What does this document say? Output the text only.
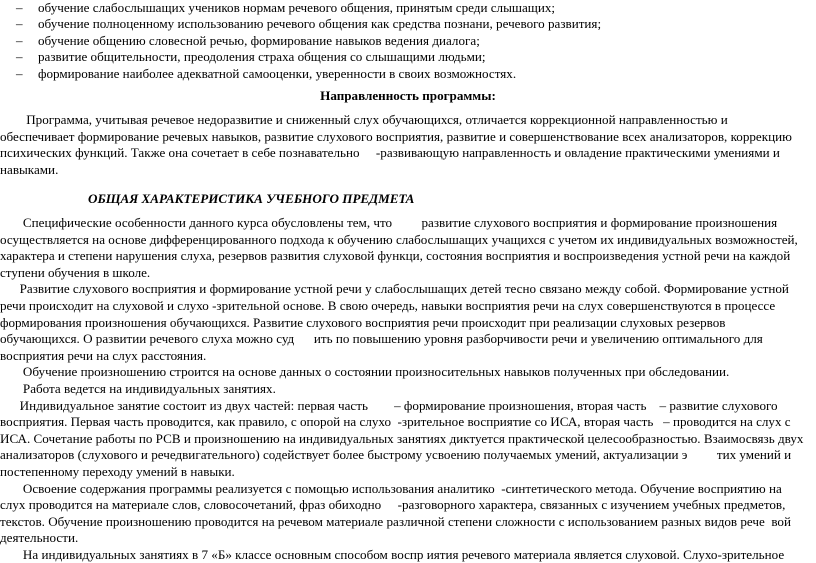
– обучение слабослышащих учеников нормам речевого общения, принятым среди слышащих;
– обучение полноценному использованию речевого общения как средства познани, речевого развития;
– обучение общению словесной речью, формирование навыков ведения диалога;
– развитие общительности, преодоления страха общения со слышащими людьми;
– формирование наиболее адекватной самооценки, уверенности в своих возможностях.
Направленность программы:
Программа, учитывая речевое недоразвитие и сниженный слух обучающихся, отличается коррекционной направленностью и
обеспечивает формирование речевых навыков, развитие слухового восприятия, развитие и совершенствование всех анализаторов, коррекцию
психических функций. Также она сочетает в себе познавательно     -развивающую направленность и овладение практическими умениями и
навыками.
ОБЩАЯ ХАРАКТЕРИСТИКА УЧЕБНОГО ПРЕДМЕТА
Специфические особенности данного курса обусловлены тем, что         развитие слухового восприятия и формирование произношения
осуществляется на основе дифференцированного подхода к обучению слабослышащих учащихся с учетом их индивидуальных возможностей,
характера и степени нарушения слуха, резервов развития слуховой функци, состояния восприятия и воспроизведения устной речи на каждой
ступени обучения в школе.
Развитие слухового восприятия и формирование устной речи у слабослышащих детей тесно связано между собой. Формирование устной
речи происходит на слуховой и слухо -зрительной основе. В свою очередь, навыки восприятия речи на слух совершенствуются в процессе
формирования произношения обучающихся. Развитие слухового восприятия речи происходит при реализации слуховых резервов
обучающихся. О развитии речевого слуха можно суд      ить по повышению уровня разборчивости речи и увеличению оптимального для
восприятия речи на слух расстояния.
Обучение произношению строится на основе данных о состоянии произносительных навыков полученных при обследовании.
Работа ведется на индивидуальных занятиях.
Индивидуальное занятие состоит из двух частей: первая часть        – формирование произношения, вторая часть    – развитие слухового
восприятия. Первая часть проводится, как правило, с опорой на слухо  -зрительное восприятие со ИСА, вторая часть   – проводится на слух с
ИСА. Сочетание работы по РСВ и произношению на индивидуальных занятиях диктуется практической целесообразностью. Взаимосвязь двух
анализаторов (слухового и речедвигательного) содействует более быстрому усвоению получаемых умений, актуализации э         тих умений и
постепенному переходу умений в навыки.
Освоение содержания программы реализуется с помощью использования аналитико  -синтетического метода. Обучение восприятию на
слух проводится на материале слов, словосочетаний, фраз обиходно     -разговорного характера, связанных с изучением учебных предметов,
текстов. Обучение произношению проводится на речевом материале различной степени сложности с использованием разных видов рече  вой
деятельности.
На индивидуальных занятиях в 7 «Б» классе основным способом воспр иятия речевого материала является слуховой. Слухо-зрительное
